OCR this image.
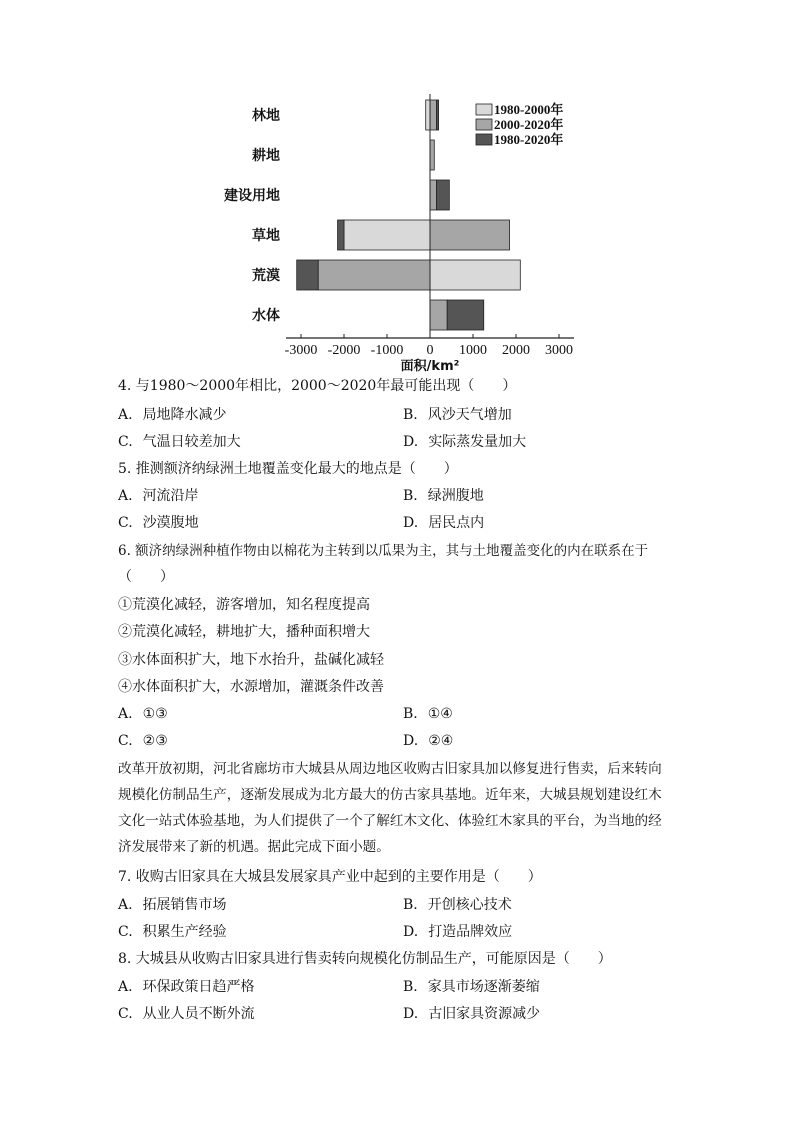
林地
耕地
建设用地
草地
荒漠
水体
-3000 -2000 -1000 0 1000 2000 3000
面积/km²
1980-2000年
2000-2020年
1980-2020年
4. 与1980～2000年相比，2000～2020年最可能出现（　　）
A. 局地降水减少	B. 风沙天气增加
C. 气温日较差加大	D. 实际蒸发量加大
5. 推测额济纳绿洲土地覆盖变化最大的地点是（　　）
A. 河流沿岸	B. 绿洲腹地
C. 沙漠腹地	D. 居民点内
6. 额济纳绿洲种植作物由以棉花为主转到以瓜果为主，其与土地覆盖变化的内在联系在于
（　　）
①荒漠化减轻，游客增加，知名程度提高
②荒漠化减轻，耕地扩大，播种面积增大
③水体面积扩大，地下水抬升，盐碱化减轻
④水体面积扩大，水源增加，灌溉条件改善
A. ①③	B. ①④
C. ②③	D. ②④
改革开放初期，河北省廊坊市大城县从周边地区收购古旧家具加以修复进行售卖，后来转向
规模化仿制品生产，逐渐发展成为北方最大的仿古家具基地。近年来，大城县规划建设红木
文化一站式体验基地，为人们提供了一个了解红木文化、体验红木家具的平台，为当地的经
济发展带来了新的机遇。据此完成下面小题。
7. 收购古旧家具在大城县发展家具产业中起到的主要作用是（　　）
A. 拓展销售市场	B. 开创核心技术
C. 积累生产经验	D. 打造品牌效应
8. 大城县从收购古旧家具进行售卖转向规模化仿制品生产，可能原因是（　　）
A. 环保政策日趋严格	B. 家具市场逐渐萎缩
C. 从业人员不断外流	D. 古旧家具资源减少
